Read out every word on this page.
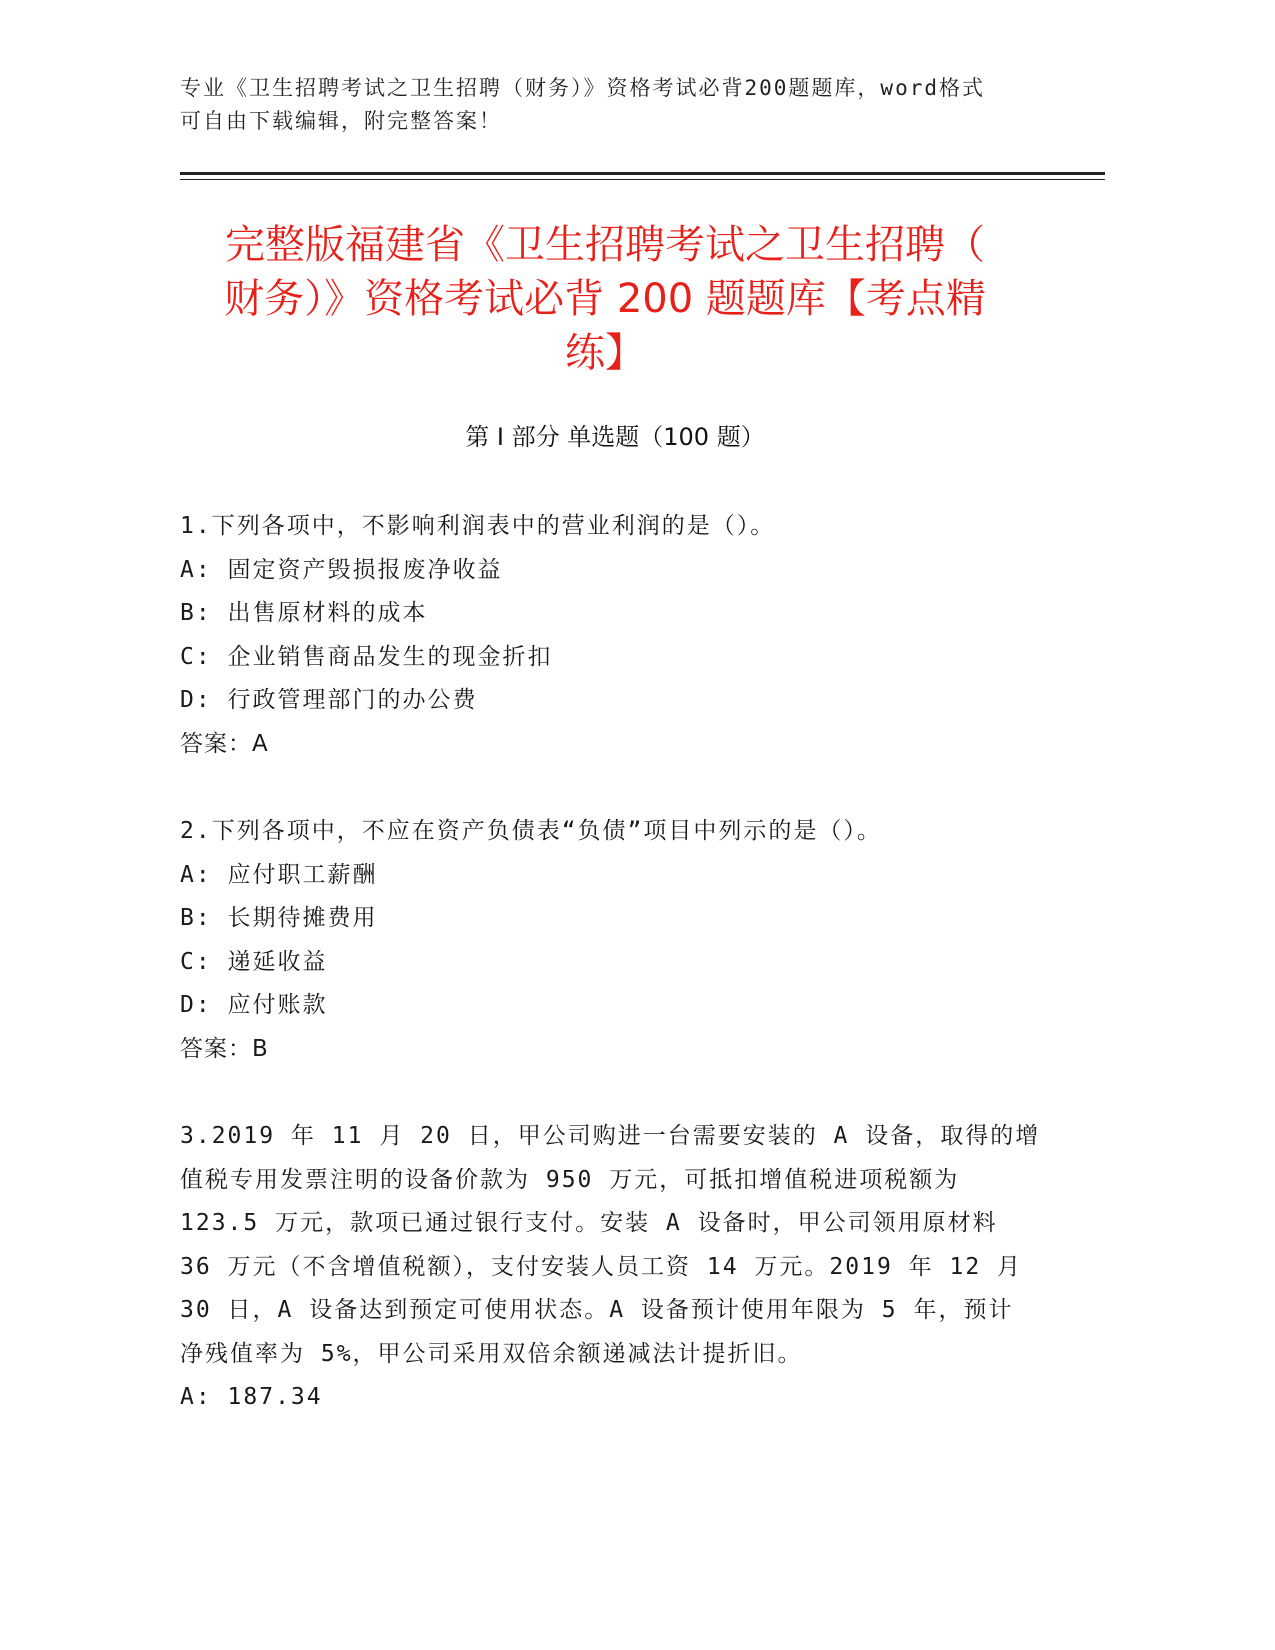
专业《卫生招聘考试之卫生招聘（财务）》资格考试必背200题题库，word格式
可自由下载编辑，附完整答案！
完整版福建省《卫生招聘考试之卫生招聘（
财务）》资格考试必背 200 题题库【考点精
练】
第 I 部分 单选题（100 题）
1.下列各项中，不影响利润表中的营业利润的是（）。
A: 固定资产毁损报废净收益
B: 出售原材料的成本
C: 企业销售商品发生的现金折扣
D: 行政管理部门的办公费
答案：A
2.下列各项中，不应在资产负债表“负债”项目中列示的是（）。
A: 应付职工薪酬
B: 长期待摊费用
C: 递延收益
D: 应付账款
答案：B
3.2019 年 11 月 20 日，甲公司购进一台需要安装的 A 设备，取得的增
值税专用发票注明的设备价款为 950 万元，可抵扣增值税进项税额为
123.5 万元，款项已通过银行支付。安装 A 设备时，甲公司领用原材料
36 万元（不含增值税额），支付安装人员工资 14 万元。2019 年 12 月
30 日，A 设备达到预定可使用状态。A 设备预计使用年限为 5 年，预计
净残值率为 5%，甲公司采用双倍余额递减法计提折旧。
A: 187.34
